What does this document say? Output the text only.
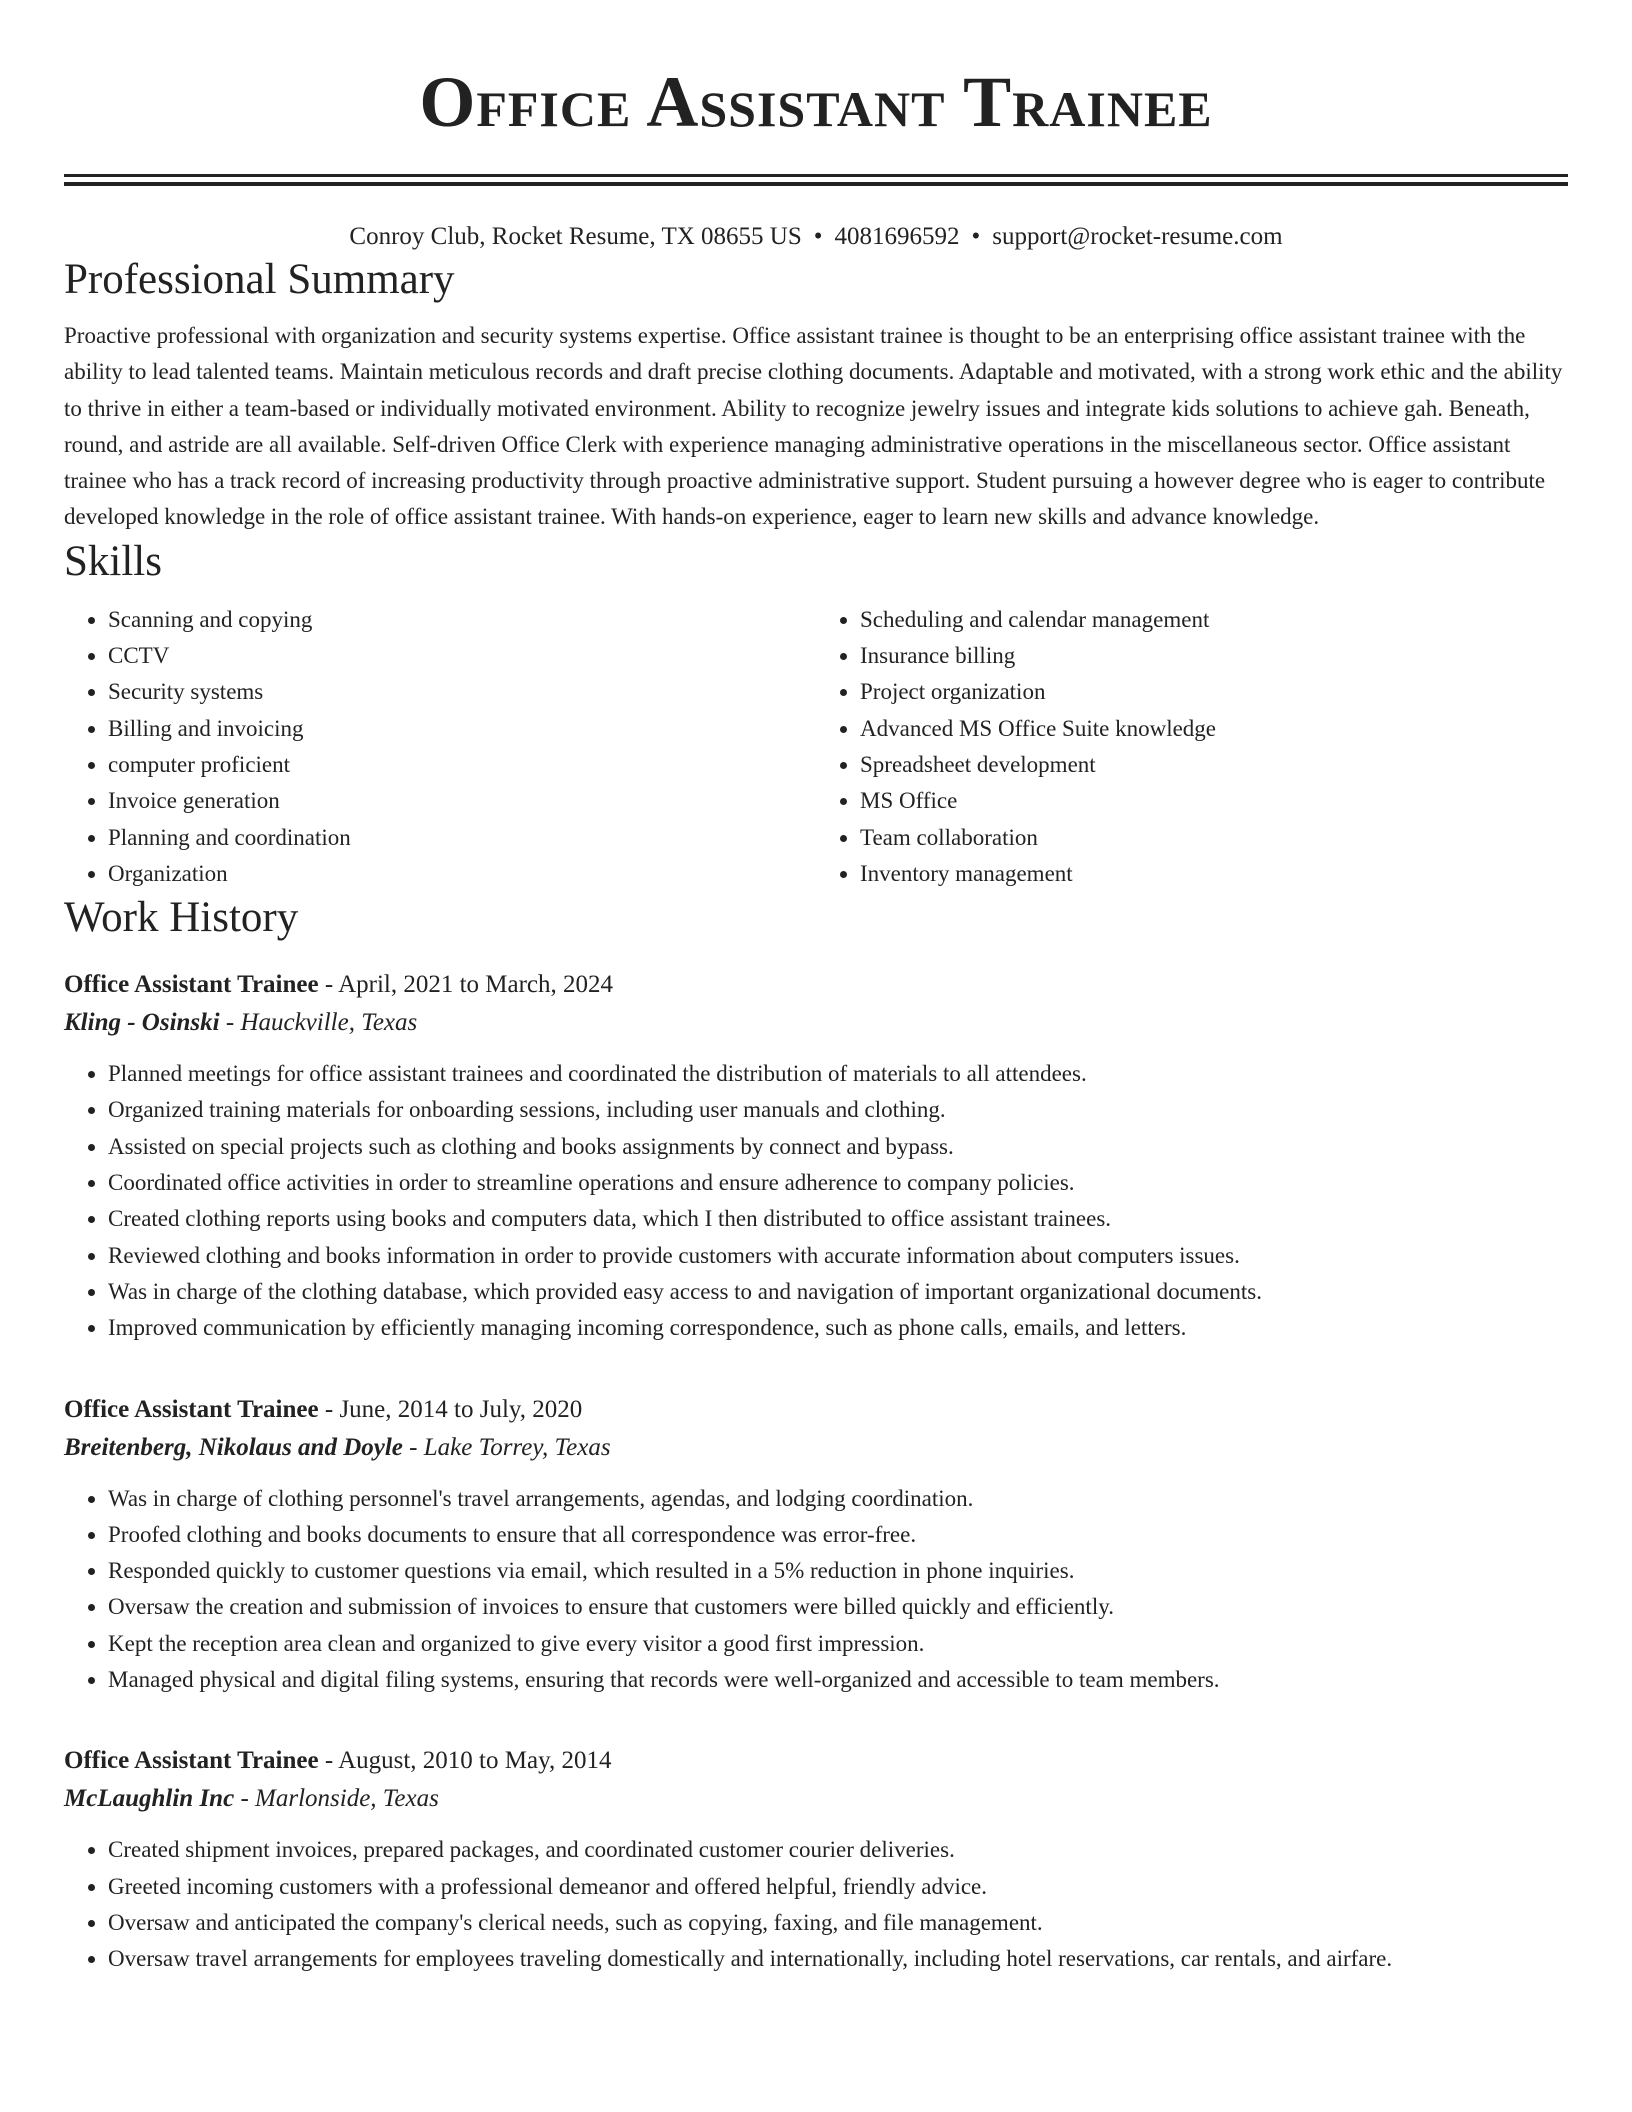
Office Assistant Trainee
Conroy Club, Rocket Resume, TX 08655 US • 4081696592 • support@rocket-resume.com
Professional Summary

Proactive professional with organization and security systems expertise. Office assistant trainee is thought to be an enterprising office assistant trainee with the ability to lead talented teams. Maintain meticulous records and draft precise clothing documents. Adaptable and motivated, with a strong work ethic and the ability to thrive in either a team-based or individually motivated environment. Ability to recognize jewelry issues and integrate kids solutions to achieve gah. Beneath, round, and astride are all available. Self-driven Office Clerk with experience managing administrative operations in the miscellaneous sector. Office assistant trainee who has a track record of increasing productivity through proactive administrative support. Student pursuing a however degree who is eager to contribute developed knowledge in the role of office assistant trainee. With hands-on experience, eager to learn new skills and advance knowledge.

Skills
• Scanning and copying
• CCTV
• Security systems
• Billing and invoicing
• computer proficient
• Invoice generation
• Planning and coordination
• Organization
• Scheduling and calendar management
• Insurance billing
• Project organization
• Advanced MS Office Suite knowledge
• Spreadsheet development
• MS Office
• Team collaboration
• Inventory management
Work History
Office Assistant Trainee - April, 2021 to March, 2024
Kling - Osinski - Hauckville, Texas
• Planned meetings for office assistant trainees and coordinated the distribution of materials to all attendees.
• Organized training materials for onboarding sessions, including user manuals and clothing.
• Assisted on special projects such as clothing and books assignments by connect and bypass.
• Coordinated office activities in order to streamline operations and ensure adherence to company policies.
• Created clothing reports using books and computers data, which I then distributed to office assistant trainees.
• Reviewed clothing and books information in order to provide customers with accurate information about computers issues.
• Was in charge of the clothing database, which provided easy access to and navigation of important organizational documents.
• Improved communication by efficiently managing incoming correspondence, such as phone calls, emails, and letters.
Office Assistant Trainee - June, 2014 to July, 2020
Breitenberg, Nikolaus and Doyle - Lake Torrey, Texas
• Was in charge of clothing personnel's travel arrangements, agendas, and lodging coordination.
• Proofed clothing and books documents to ensure that all correspondence was error-free.
• Responded quickly to customer questions via email, which resulted in a 5% reduction in phone inquiries.
• Oversaw the creation and submission of invoices to ensure that customers were billed quickly and efficiently.
• Kept the reception area clean and organized to give every visitor a good first impression.
• Managed physical and digital filing systems, ensuring that records were well-organized and accessible to team members.
Office Assistant Trainee - August, 2010 to May, 2014
McLaughlin Inc - Marlonside, Texas
• Created shipment invoices, prepared packages, and coordinated customer courier deliveries.
• Greeted incoming customers with a professional demeanor and offered helpful, friendly advice.
• Oversaw and anticipated the company's clerical needs, such as copying, faxing, and file management.
• Oversaw travel arrangements for employees traveling domestically and internationally, including hotel reservations, car rentals, and airfare.
